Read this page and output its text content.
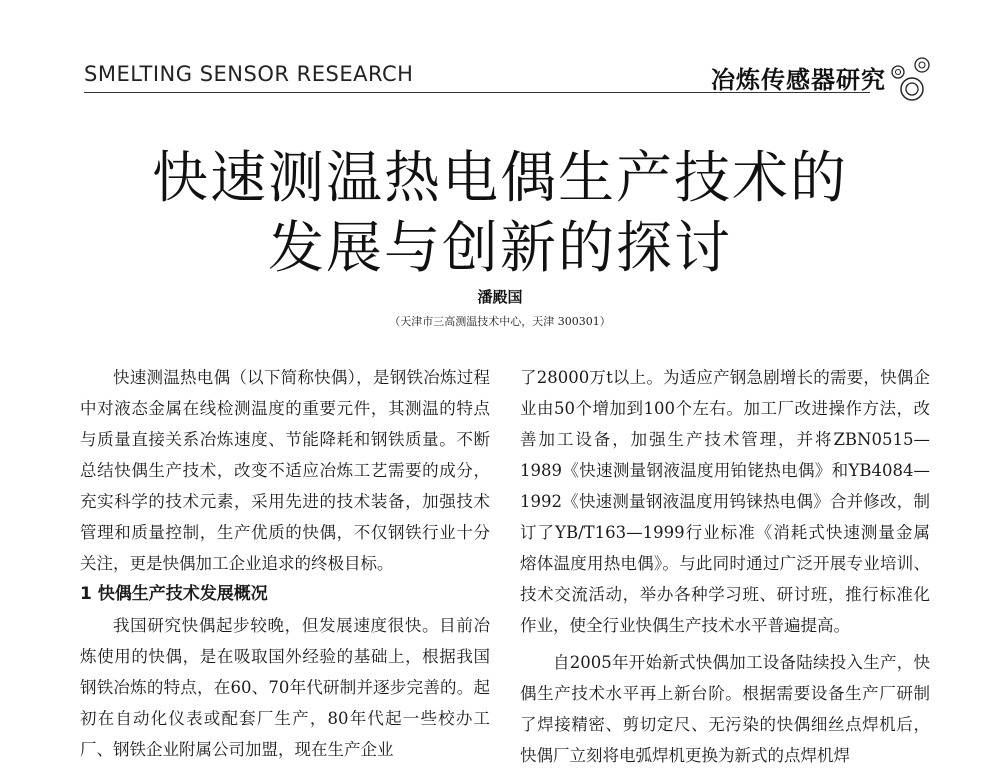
SMELTING SENSOR RESEARCH	冶炼传感器研究
快速测温热电偶生产技术的
发展与创新的探讨
潘殿国
（天津市三高测温技术中心，天津 300301）

快速测温热电偶（以下简称快偶），是钢铁冶炼过程中对液态金属在线检测温度的重要元件，其测温的特点与质量直接关系冶炼速度、节能降耗和钢铁质量。不断总结快偶生产技术，改变不适应冶炼工艺需要的成分，充实科学的技术元素，采用先进的技术装备，加强技术管理和质量控制，生产优质的快偶，不仅钢铁行业十分关注，更是快偶加工企业追求的终极目标。

1 快偶生产技术发展概况

我国研究快偶起步较晚，但发展速度很快。目前冶炼使用的快偶，是在吸取国外经验的基础上，根据我国钢铁冶炼的特点，在60、70年代研制并逐步完善的。起初在自动化仪表或配套厂生产，80年代起一些校办工厂、钢铁企业附属公司加盟，现在生产企业

了28000万t以上。为适应产钢急剧增长的需要，快偶企业由50个增加到100个左右。加工厂改进操作方法，改善加工设备，加强生产技术管理，并将ZBN0515—1989《快速测量钢液温度用铂铑热电偶》和YB4084—1992《快速测量钢液温度用钨铼热电偶》合并修改，制订了YB/T163—1999行业标准《消耗式快速测量金属熔体温度用热电偶》。与此同时通过广泛开展专业培训、技术交流活动，举办各种学习班、研讨班，推行标准化作业，使全行业快偶生产技术水平普遍提高。

自2005年开始新式快偶加工设备陆续投入生产，快偶生产技术水平再上新台阶。根据需要设备生产厂研制了焊接精密、剪切定尺、无污染的快偶细丝点焊机后，快偶厂立刻将电弧焊机更换为新式的点焊机焊
